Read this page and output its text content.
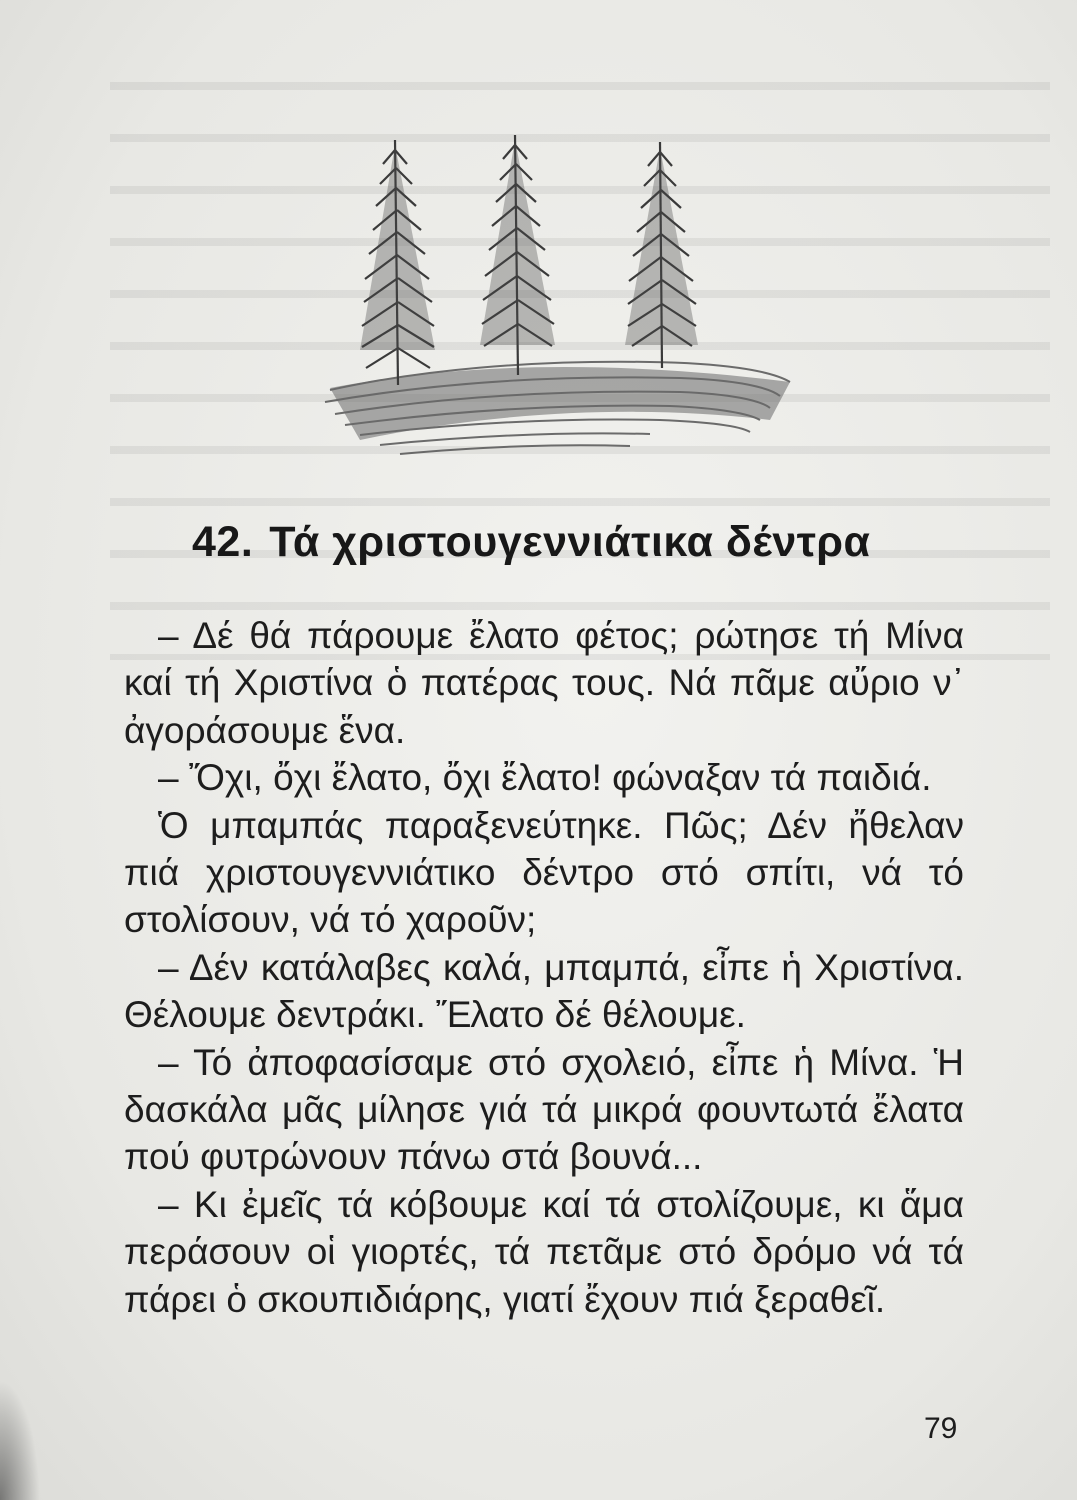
42. Τά χριστουγεννιάτικα δέντρα

– Δέ θά πάρουμε ἔλατο φέτος; ρώτησε τή Μίνα καί τή Χριστίνα ὁ πατέρας τους. Νά πᾶμε αὔριο ν᾽ ἀγοράσουμε ἕνα.

– Ὄχι, ὄχι ἔλατο, ὄχι ἔλατο! φώναξαν τά παιδιά.

Ὁ μπαμπάς παραξενεύτηκε. Πῶς; Δέν ἤθελαν πιά χριστουγεννιάτικο δέντρο στό σπίτι, νά τό στολίσουν, νά τό χαροῦν;

– Δέν κατάλαβες καλά, μπαμπά, εἶπε ἡ Χριστίνα. Θέλουμε δεντράκι. Ἔλατο δέ θέλουμε.

– Τό ἀποφασίσαμε στό σχολειό, εἶπε ἡ Μίνα. Ἡ δασκάλα μᾶς μίλησε γιά τά μικρά φουντωτά ἔλατα πού φυτρώνουν πάνω στά βουνά...

– Κι ἐμεῖς τά κόβουμε καί τά στολίζουμε, κι ἅμα περάσουν οἱ γιορτές, τά πετᾶμε στό δρόμο νά τά πάρει ὁ σκουπιδιάρης, γιατί ἔχουν πιά ξεραθεῖ.

79
